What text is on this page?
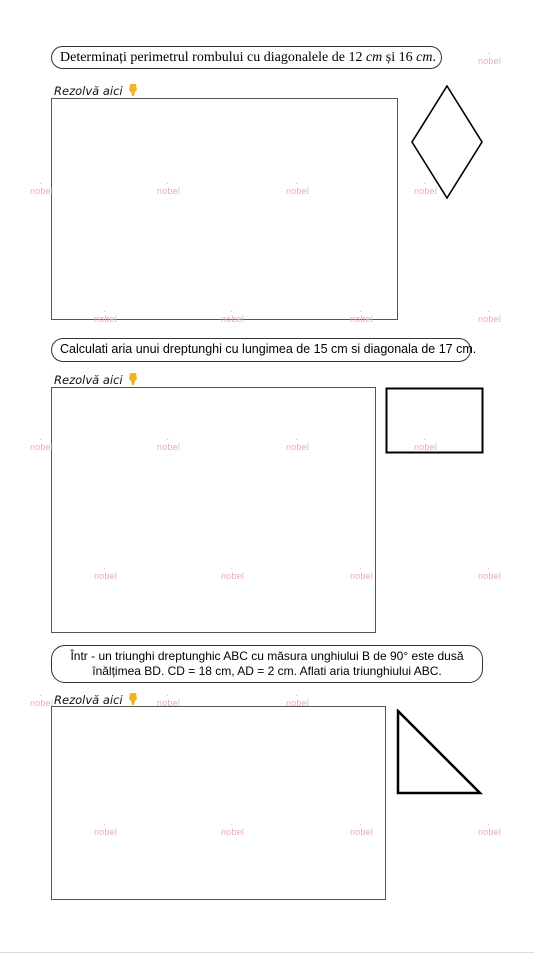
Determinați perimetrul rombului cu diagonalele de 12 cm și 16 cm.
Rezolvă aici
Calculati aria unui dreptunghi cu lungimea de 15 cm si diagonala de 17 cm.
Rezolvă aici
Într - un triunghi dreptunghic ABC cu măsura unghiului B de 90° este dusă
înălțimea BD. CD = 18 cm, AD = 2 cm. Aflati aria triunghiului ABC.
Rezolvă aici
· nobel
· nobel	· nobel	· nobel	· nobel
· nobel	· nobel	· nobel	· nobel
· nobel	· nobel	· nobel	· nobel
· nobel	· nobel	· nobel	· nobel
· nobel	· nobel	· nobel
· nobel	· nobel	· nobel	· nobel
